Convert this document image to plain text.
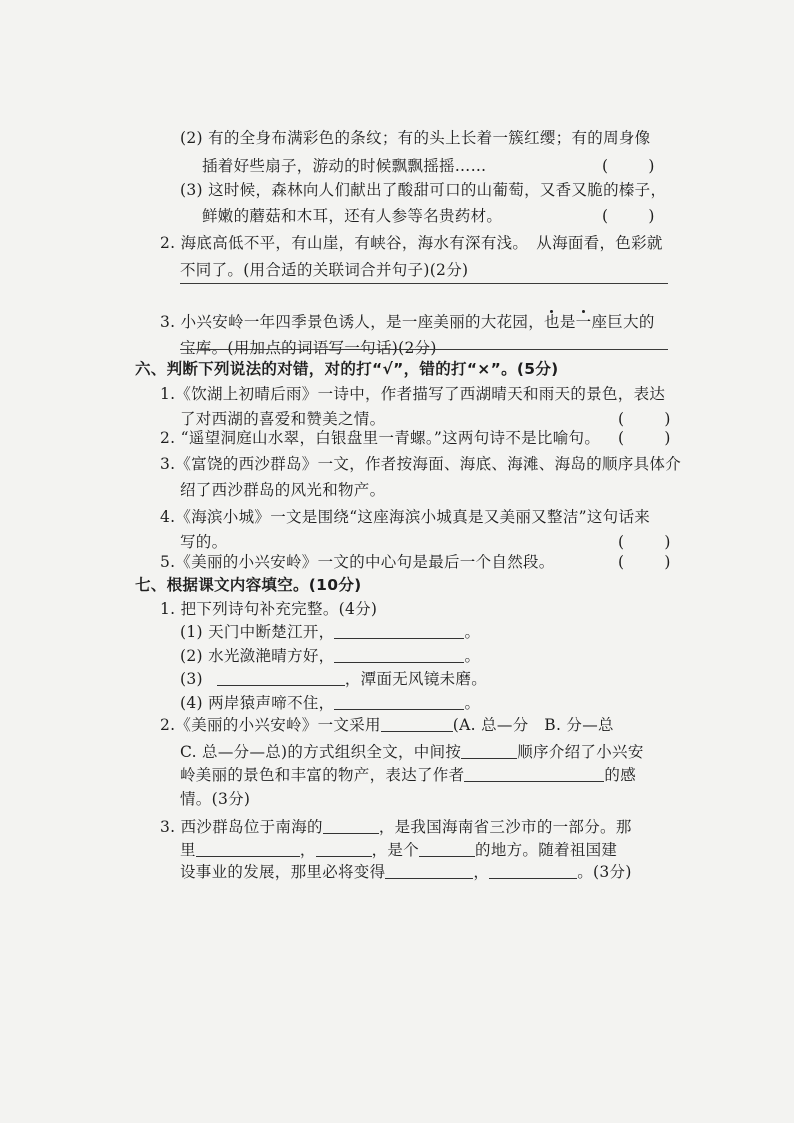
(2) 有的全身布满彩色的条纹；有的头上长着一簇红缨；有的周身像
插着好些扇子，游动的时候飘飘摇摇……
(  )
(3) 这时候，森林向人们献出了酸甜可口的山葡萄，又香又脆的榛子，
鲜嫩的蘑菇和木耳，还有人参等名贵药材。
(  )
2. 海底高低不平，有山崖，有峡谷，海水有深有浅。　从海面看，色彩就
不同了。(用合适的关联词合并句子)(2分)
3. 小兴安岭一年四季景色诱人，是一座美丽的大花园，也是一座巨大的
宝库。(用加点的词语写一句话)(2分)
六、判断下列说法的对错，对的打“√”，错的打“×”。(5分)
1.《饮湖上初晴后雨》一诗中，作者描写了西湖晴天和雨天的景色，表达
了对西湖的喜爱和赞美之情。
(  )
2. “遥望洞庭山水翠，白银盘里一青螺。”这两句诗不是比喻句。
(  )
3.《富饶的西沙群岛》一文，作者按海面、海底、海滩、海岛的顺序具体介
绍了西沙群岛的风光和物产。
4.《海滨小城》一文是围绕“这座海滨小城真是又美丽又整洁”这句话来
写的。
(  )
5.《美丽的小兴安岭》一文的中心句是最后一个自然段。
(  )
七、根据课文内容填空。(10分)
1. 把下列诗句补充完整。(4分)
(1) 天门中断楚江开，	。
(2) 水光潋滟晴方好，	。
(3)	，潭面无风镜未磨。
(4) 两岸猿声啼不住，	。
2.《美丽的小兴安岭》一文采用	(A. 总—分　B. 分—总
C. 总—分—总)的方式组织全文，中间按	顺序介绍了小兴安
岭美丽的景色和丰富的物产，表达了作者	的感
情。(3分)
3. 西沙群岛位于南海的	，是我国海南省三沙市的一部分。那
里	，	，是个	的地方。随着祖国建
设事业的发展，那里必将变得	，	。(3分)
